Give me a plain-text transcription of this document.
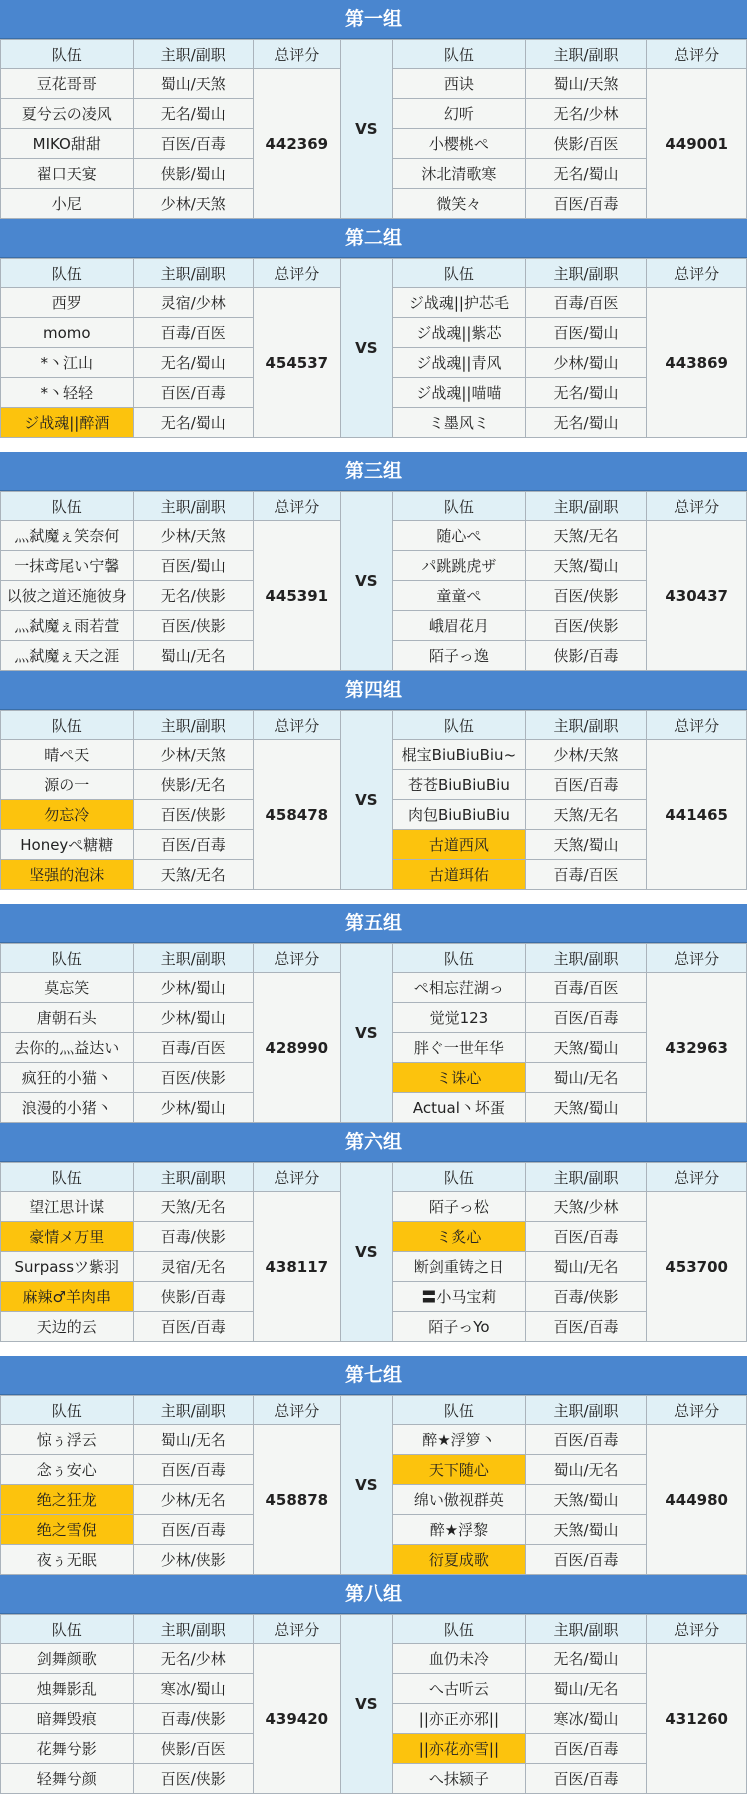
第一组
队伍	主职/副职	总评分	VS	队伍	主职/副职	总评分
豆花哥哥	蜀山/天煞	442369		西诀	蜀山/天煞	449001
夏兮云の凌风	无名/蜀山			幻听	无名/少林	
MIKO甜甜	百医/百毒			小樱桃ぺ	侠影/百医	
翟口天宴	侠影/蜀山			沐北清歌寒	无名/蜀山	
小尼	少林/天煞			微笑々	百医/百毒	
第二组
队伍	主职/副职	总评分	VS	队伍	主职/副职	总评分
西罗	灵宿/少林	454537		ジ战魂||护芯毛	百毒/百医	443869
momo	百毒/百医			ジ战魂||紫芯	百医/蜀山	
*丶江山	无名/蜀山			ジ战魂||青风	少林/蜀山	
*丶轻轻	百医/百毒			ジ战魂||喵喵	无名/蜀山	
ジ战魂||醉酒	无名/蜀山			ミ墨风ミ	无名/蜀山	
第三组
队伍	主职/副职	总评分	VS	队伍	主职/副职	总评分
灬弑魔ぇ笑奈何	少林/天煞	445391		随心ぺ	天煞/无名	430437
一抹鸢尾い宁馨	百医/蜀山			パ跳跳虎ザ	天煞/蜀山	
以彼之道还施彼身	无名/侠影			童童ぺ	百医/侠影	
灬弑魔ぇ雨若萱	百医/侠影			峨眉花月	百医/侠影	
灬弑魔ぇ天之涯	蜀山/无名			陌子っ逸	侠影/百毒	
第四组
队伍	主职/副职	总评分	VS	队伍	主职/副职	总评分
晴ぺ天	少林/天煞	458478		棍宝BiuBiuBiu~	少林/天煞	441465
源の一	侠影/无名			苍苍BiuBiuBiu	百医/百毒	
勿忘冷	百医/侠影			肉包BiuBiuBiu	天煞/无名	
Honeyぺ糖糖	百医/百毒			古道西风	天煞/蜀山	
坚强的泡沫	天煞/无名			古道珥佑	百毒/百医	
第五组
队伍	主职/副职	总评分	VS	队伍	主职/副职	总评分
莫忘笑	少林/蜀山	428990		ぺ相忘茳湖っ	百毒/百医	432963
唐朝石头	少林/蜀山			觉觉123	百医/百毒	
去你的灬益达い	百毒/百医			胖ぐ一世年华	天煞/蜀山	
疯狂的小猫丶	百医/侠影			ミ诛心	蜀山/无名	
浪漫的小猪丶	少林/蜀山			Actual丶坏蛋	天煞/蜀山	
第六组
队伍	主职/副职	总评分	VS	队伍	主职/副职	总评分
望江思计谋	天煞/无名	438117		陌子っ松	天煞/少林	453700
豪情メ万里	百毒/侠影			ミ炙心	百医/百毒	
Surpassツ紫羽	灵宿/无名			断剑重铸之日	蜀山/无名	
麻辣♂羊肉串	侠影/百毒			〓小马宝莉	百毒/侠影	
天边的云	百医/百毒			陌子っYo	百医/百毒	
第七组
队伍	主职/副职	总评分	VS	队伍	主职/副职	总评分
惊ぅ浮云	蜀山/无名	458878		醉★浮箩丶	百医/百毒	444980
念ぅ安心	百医/百毒			天下随心	蜀山/无名	
绝之狂龙	少林/无名			绵い傲视群英	天煞/蜀山	
绝之雪倪	百医/百毒			醉★浮黎	天煞/蜀山	
夜ぅ无眠	少林/侠影			衍夏成歌	百医/百毒	
第八组
队伍	主职/副职	总评分	VS	队伍	主职/副职	总评分
剑舞颜歌	无名/少林	439420		血仍未冷	无名/蜀山	431260
烛舞影乱	寒冰/蜀山			へ古听云	蜀山/无名	
暗舞毁痕	百毒/侠影			||亦正亦邪||	寒冰/蜀山	
花舞兮影	侠影/百医			||亦花亦雪||	百医/百毒	
轻舞兮颜	百医/侠影			へ抹颍子	百医/百毒	
